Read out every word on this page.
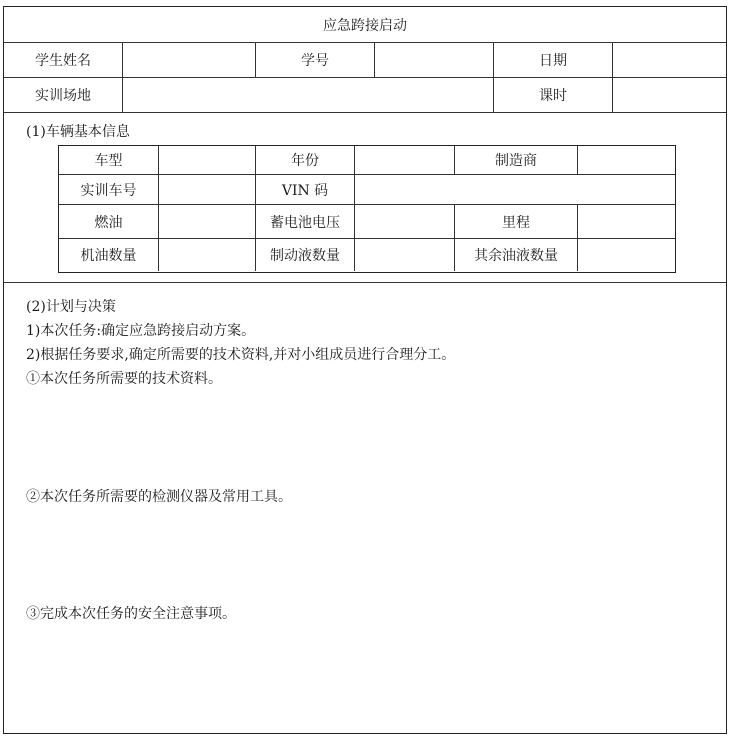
应急跨接启动
学生姓名	学号	日期
实训场地	课时
(1)车辆基本信息
车型	年份	制造商
实训车号	VIN 码
燃油	蓄电池电压	里程
机油数量	制动液数量	其余油液数量
(2)计划与决策
1)本次任务:确定应急跨接启动方案。
2)根据任务要求,确定所需要的技术资料,并对小组成员进行合理分工。
①本次任务所需要的技术资料。
②本次任务所需要的检测仪器及常用工具。
③完成本次任务的安全注意事项。
